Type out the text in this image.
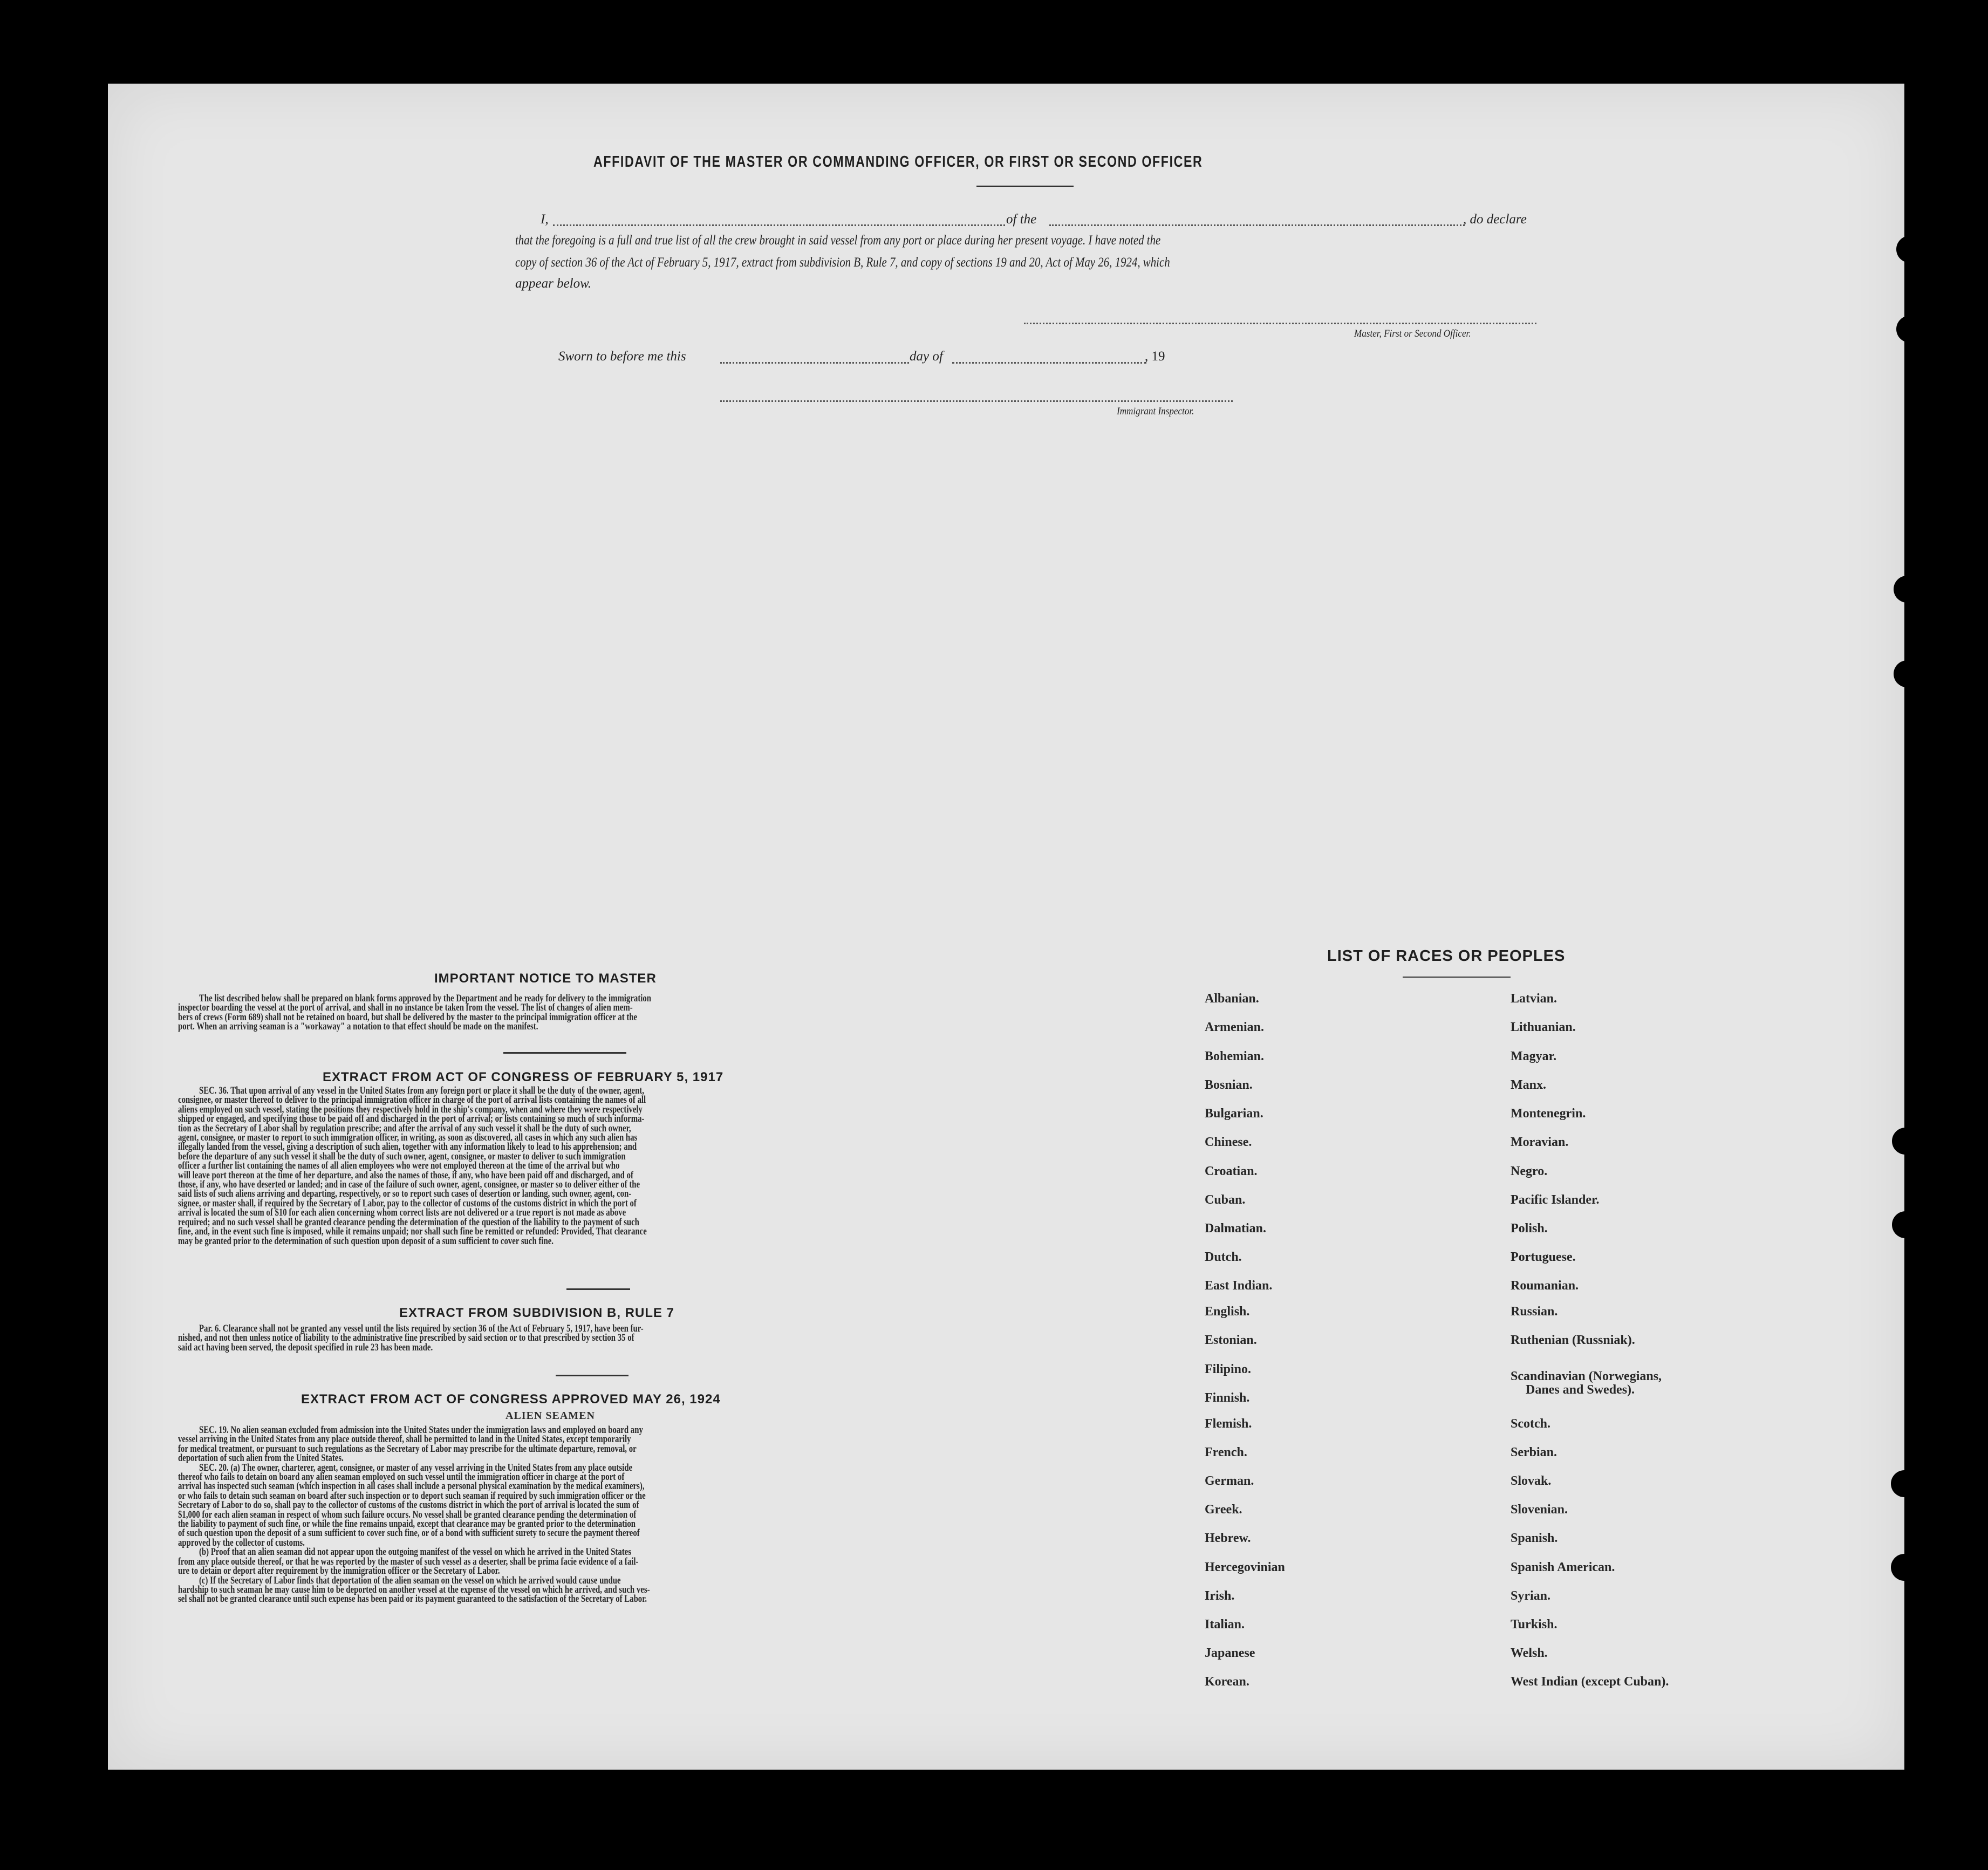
AFFIDAVIT OF THE MASTER OR COMMANDING OFFICER, OR FIRST OR SECOND OFFICER
I,	of the	, do declare
that the foregoing is a full and true list of all the crew brought in said vessel from any port or place during her present voyage. I have noted the
copy of section 36 of the Act of February 5, 1917, extract from subdivision B, Rule 7, and copy of sections 19 and 20, Act of May 26, 1924, which
appear below.
Master, First or Second Officer.
Sworn to before me this	day of	, 19
Immigrant Inspector.
IMPORTANT NOTICE TO MASTER
The list described below shall be prepared on blank forms approved by the Department and be ready for delivery to the immigration
inspector boarding the vessel at the port of arrival, and shall in no instance be taken from the vessel. The list of changes of alien mem-
bers of crews (Form 689) shall not be retained on board, but shall be delivered by the master to the principal immigration officer at the
port. When an arriving seaman is a "workaway" a notation to that effect should be made on the manifest.
EXTRACT FROM ACT OF CONGRESS OF FEBRUARY 5, 1917
SEC. 36. That upon arrival of any vessel in the United States from any foreign port or place it shall be the duty of the owner, agent,
consignee, or master thereof to deliver to the principal immigration officer in charge of the port of arrival lists containing the names of all
aliens employed on such vessel, stating the positions they respectively hold in the ship's company, when and where they were respectively
shipped or engaged, and specifying those to be paid off and discharged in the port of arrival; or lists containing so much of such informa-
tion as the Secretary of Labor shall by regulation prescribe; and after the arrival of any such vessel it shall be the duty of such owner,
agent, consignee, or master to report to such immigration officer, in writing, as soon as discovered, all cases in which any such alien has
illegally landed from the vessel, giving a description of such alien, together with any information likely to lead to his apprehension; and
before the departure of any such vessel it shall be the duty of such owner, agent, consignee, or master to deliver to such immigration
officer a further list containing the names of all alien employees who were not employed thereon at the time of the arrival but who
will leave port thereon at the time of her departure, and also the names of those, if any, who have been paid off and discharged, and of
those, if any, who have deserted or landed; and in case of the failure of such owner, agent, consignee, or master so to deliver either of the
said lists of such aliens arriving and departing, respectively, or so to report such cases of desertion or landing, such owner, agent, con-
signee, or master shall, if required by the Secretary of Labor, pay to the collector of customs of the customs district in which the port of
arrival is located the sum of $10 for each alien concerning whom correct lists are not delivered or a true report is not made as above
required; and no such vessel shall be granted clearance pending the determination of the question of the liability to the payment of such
fine, and, in the event such fine is imposed, while it remains unpaid; nor shall such fine be remitted or refunded: Provided, That clearance
may be granted prior to the determination of such question upon deposit of a sum sufficient to cover such fine.
EXTRACT FROM SUBDIVISION B, RULE 7
Par. 6. Clearance shall not be granted any vessel until the lists required by section 36 of the Act of February 5, 1917, have been fur-
nished, and not then unless notice of liability to the administrative fine prescribed by said section or to that prescribed by section 35 of
said act having been served, the deposit specified in rule 23 has been made.
EXTRACT FROM ACT OF CONGRESS APPROVED MAY 26, 1924
ALIEN SEAMEN
SEC. 19. No alien seaman excluded from admission into the United States under the immigration laws and employed on board any
vessel arriving in the United States from any place outside thereof, shall be permitted to land in the United States, except temporarily
for medical treatment, or pursuant to such regulations as the Secretary of Labor may prescribe for the ultimate departure, removal, or
deportation of such alien from the United States.
SEC. 20. (a) The owner, charterer, agent, consignee, or master of any vessel arriving in the United States from any place outside
thereof who fails to detain on board any alien seaman employed on such vessel until the immigration officer in charge at the port of
arrival has inspected such seaman (which inspection in all cases shall include a personal physical examination by the medical examiners),
or who fails to detain such seaman on board after such inspection or to deport such seaman if required by such immigration officer or the
Secretary of Labor to do so, shall pay to the collector of customs of the customs district in which the port of arrival is located the sum of
$1,000 for each alien seaman in respect of whom such failure occurs. No vessel shall be granted clearance pending the determination of
the liability to payment of such fine, or while the fine remains unpaid, except that clearance may be granted prior to the determination
of such question upon the deposit of a sum sufficient to cover such fine, or of a bond with sufficient surety to secure the payment thereof
approved by the collector of customs.
(b) Proof that an alien seaman did not appear upon the outgoing manifest of the vessel on which he arrived in the United States
from any place outside thereof, or that he was reported by the master of such vessel as a deserter, shall be prima facie evidence of a fail-
ure to detain or deport after requirement by the immigration officer or the Secretary of Labor.
(c) If the Secretary of Labor finds that deportation of the alien seaman on the vessel on which he arrived would cause undue
hardship to such seaman he may cause him to be deported on another vessel at the expense of the vessel on which he arrived, and such ves-
sel shall not be granted clearance until such expense has been paid or its payment guaranteed to the satisfaction of the Secretary of Labor.
LIST OF RACES OR PEOPLES
Albanian.
Armenian.
Bohemian.
Bosnian.
Bulgarian.
Chinese.
Croatian.
Cuban.
Dalmatian.
Dutch.
East Indian.
English.
Estonian.
Filipino.
Finnish.
Flemish.
French.
German.
Greek.
Hebrew.
Hercegovinian
Irish.
Italian.
Japanese
Korean.
Latvian.
Lithuanian.
Magyar.
Manx.
Montenegrin.
Moravian.
Negro.
Pacific Islander.
Polish.
Portuguese.
Roumanian.
Russian.
Ruthenian (Russniak).
Scandinavian (Norwegians,
Danes and Swedes).
Scotch.
Serbian.
Slovak.
Slovenian.
Spanish.
Spanish American.
Syrian.
Turkish.
Welsh.
West Indian (except Cuban).
